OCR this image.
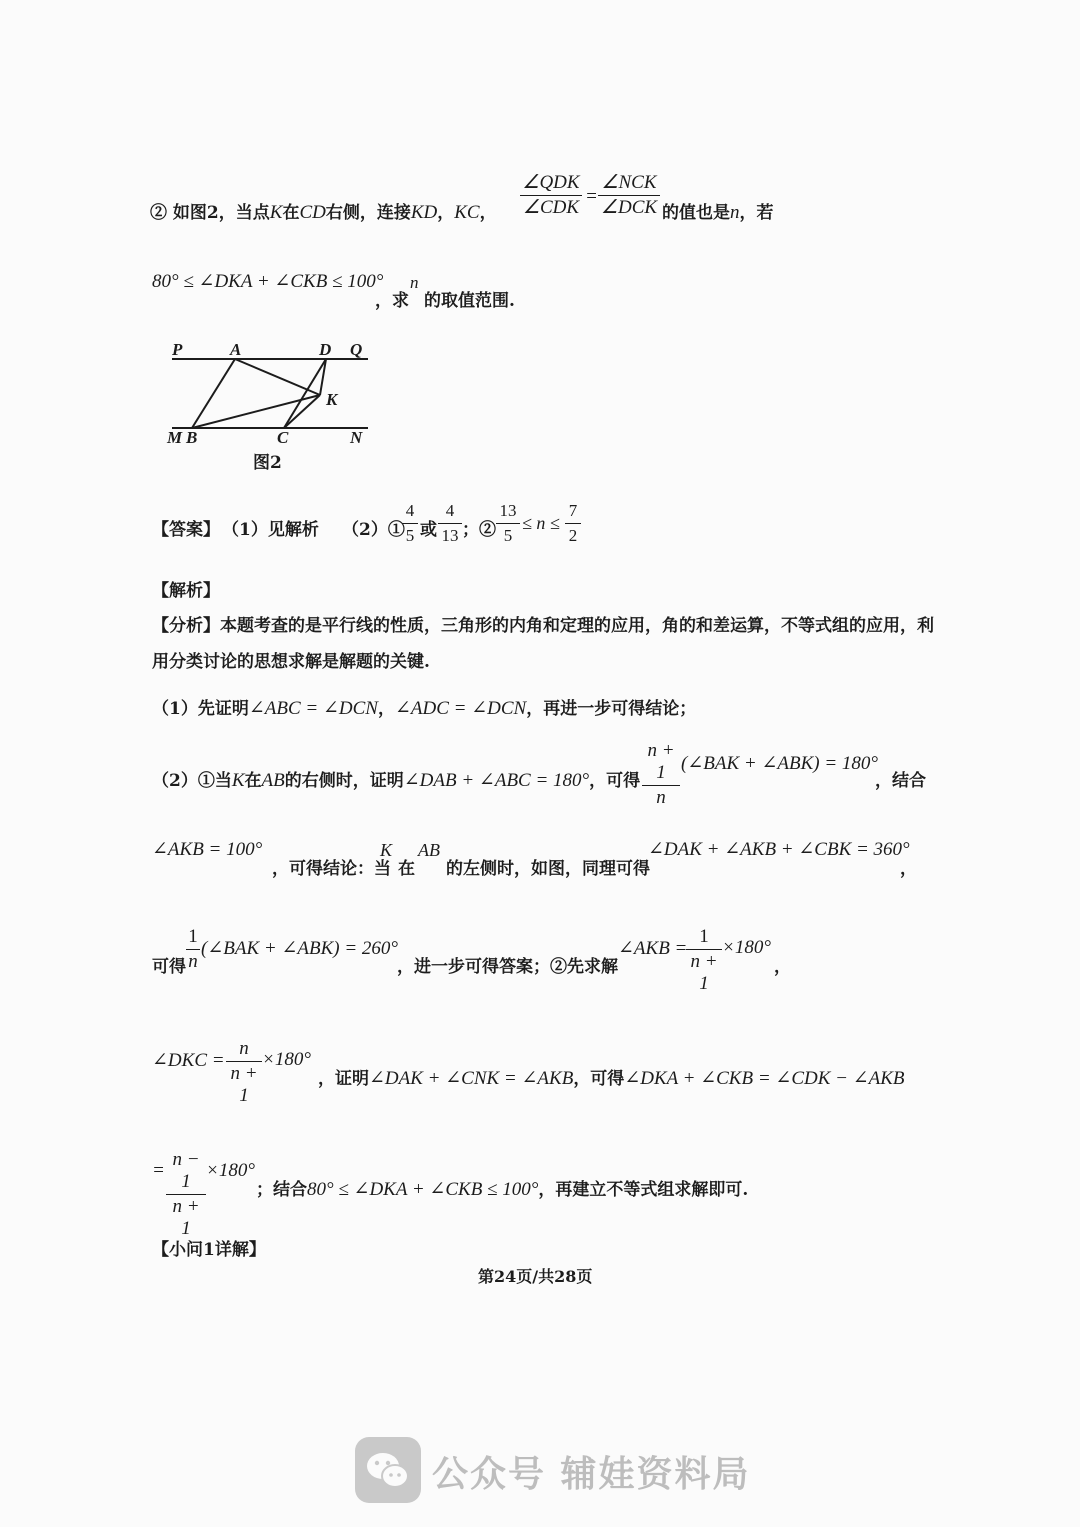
② 如图2，当点K在CD右侧，连接KD，KC，
∠QDK
∠CDK
=
∠NCK
∠DCK 的值也是n，若
80° ≤ ∠DKA + ∠CKB ≤ 100°
，求
n
的取值范围.
P	A	D Q
K
M B	C	N
图2
【答案】 （1）见解析 （2）①
4
5 或
4
13 ；②
13
5
≤ n ≤
7
2
【解析】
【分析】本题考查的是平行线的性质，三角形的内角和定理的应用，角的和差运算，不等式组的应用，利
用分类讨论的思想求解是解题的关键.
（1）先证明∠ABC = ∠DCN，∠ADC = ∠DCN，再进一步可得结论；
（2）①当K在AB的右侧时，证明∠DAB + ∠ABC = 180°，可得
n + 1
n
(∠BAK + ∠ABK) = 180°
，结合
∠AKB = 100°
，可得结论：当
K
在
AB
的左侧时，如图，同理可得
∠DAK + ∠AKB + ∠CBK = 360°
，
可得
1
n
(∠BAK + ∠ABK) = 260°
，进一步可得答案；②先求解
∠AKB =
1
n + 1
×180°
，
∠DKC =
n
n + 1
×180°
，证明∠DAK + ∠CNK = ∠AKB，可得∠DKA + ∠CKB = ∠CDK − ∠AKB
=
n − 1
n + 1
×180°
；结合80° ≤ ∠DKA + ∠CKB ≤ 100°，再建立不等式组求解即可.
【小问1详解】
第24页/共28页
公众号 辅娃资料局
